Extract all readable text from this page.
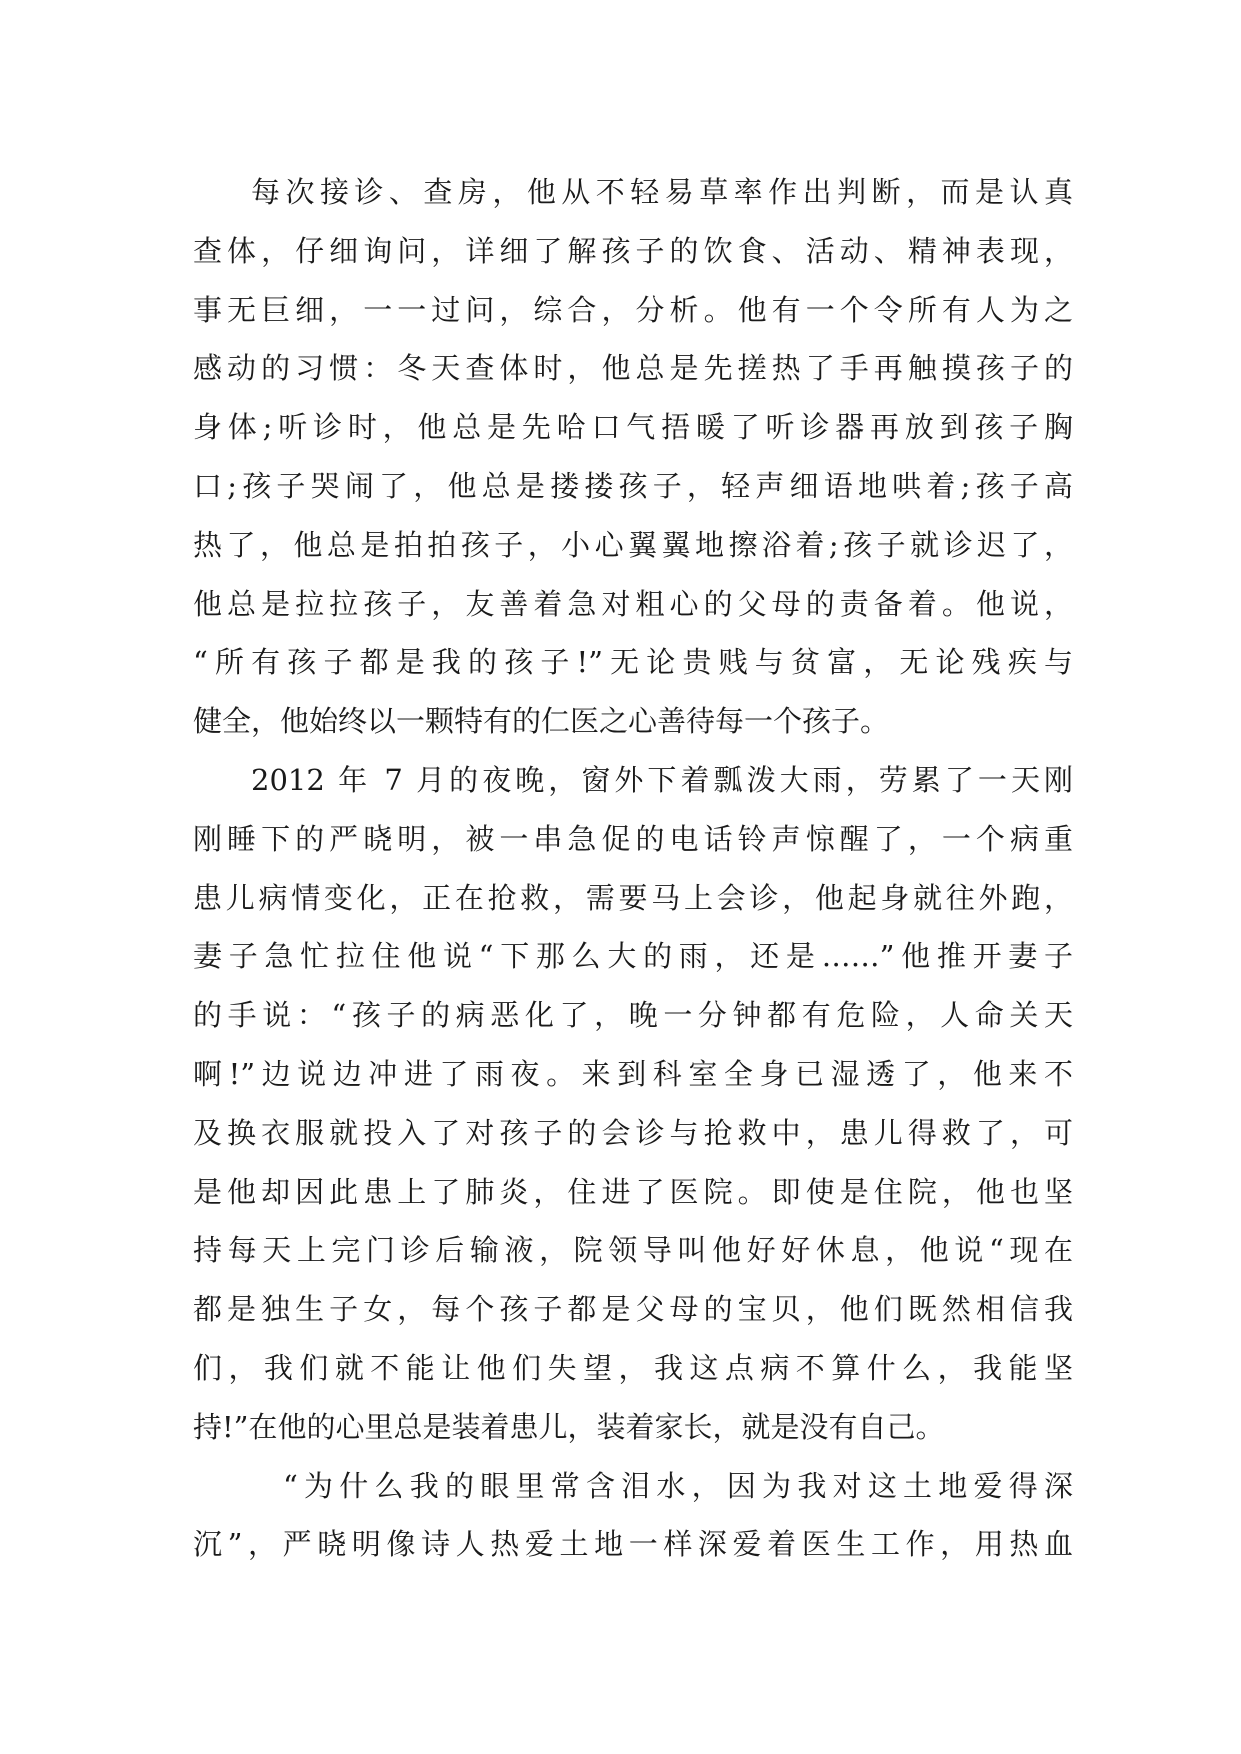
每次接诊、查房，他从不轻易草率作出判断，而是认真
查体，仔细询问，详细了解孩子的饮食、活动、精神表现，
事无巨细，一一过问，综合，分析。他有一个令所有人为之
感动的习惯：冬天查体时，他总是先搓热了手再触摸孩子的
身体;听诊时，他总是先哈口气捂暖了听诊器再放到孩子胸
口;孩子哭闹了，他总是搂搂孩子，轻声细语地哄着;孩子高
热了，他总是拍拍孩子，小心翼翼地擦浴着;孩子就诊迟了，
他总是拉拉孩子，友善着急对粗心的父母的责备着。他说，
“所有孩子都是我的孩子!”无论贵贱与贫富，无论残疾与
健全，他始终以一颗特有的仁医之心善待每一个孩子。
2012 年 7 月的夜晚，窗外下着瓢泼大雨，劳累了一天刚
刚睡下的严晓明，被一串急促的电话铃声惊醒了，一个病重
患儿病情变化，正在抢救，需要马上会诊，他起身就往外跑，
妻子急忙拉住他说“下那么大的雨，还是……”他推开妻子
的手说：“孩子的病恶化了，晚一分钟都有危险，人命关天
啊!”边说边冲进了雨夜。来到科室全身已湿透了，他来不
及换衣服就投入了对孩子的会诊与抢救中，患儿得救了，可
是他却因此患上了肺炎，住进了医院。即使是住院，他也坚
持每天上完门诊后输液，院领导叫他好好休息，他说“现在
都是独生子女，每个孩子都是父母的宝贝，他们既然相信我
们，我们就不能让他们失望，我这点病不算什么，我能坚
持!”在他的心里总是装着患儿，装着家长，就是没有自己。
“为什么我的眼里常含泪水，因为我对这土地爱得深
沉”，严晓明像诗人热爱土地一样深爱着医生工作，用热血
